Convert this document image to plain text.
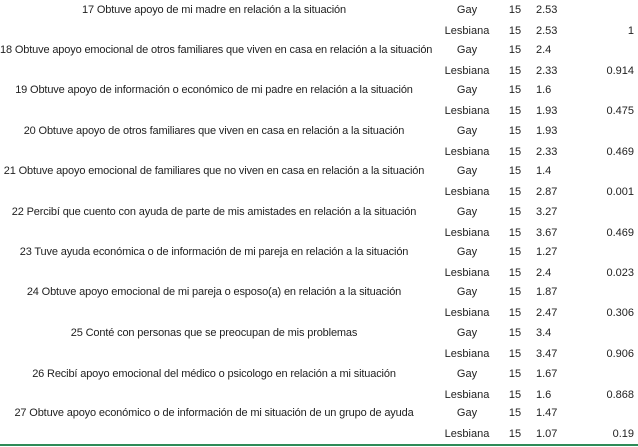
17 Obtuve apoyo de mi madre en relación a la situación	Gay	15	2.53
Lesbiana	15	2.53	1
18 Obtuve apoyo emocional de otros familiares que viven en casa en relación a la situación	Gay	15	2.4
Lesbiana	15	2.33	0.914
19 Obtuve apoyo de información o económico de mi padre en relación a la situación	Gay	15	1.6
Lesbiana	15	1.93	0.475
20 Obtuve apoyo de otros familiares que viven en casa en relación a la situación	Gay	15	1.93
Lesbiana	15	2.33	0.469
21 Obtuve apoyo emocional de familiares que no viven en casa en relación a la situación	Gay	15	1.4
Lesbiana	15	2.87	0.001
22 Percibí que cuento con ayuda de parte de mis amistades en relación a la situación	Gay	15	3.27
Lesbiana	15	3.67	0.469
23 Tuve ayuda económica o de información de mi pareja en relación a la situación	Gay	15	1.27
Lesbiana	15	2.4	0.023
24 Obtuve apoyo emocional de mi pareja o esposo(a) en relación a la situación	Gay	15	1.87
Lesbiana	15	2.47	0.306
25 Conté con personas que se preocupan de mis problemas	Gay	15	3.4
Lesbiana	15	3.47	0.906
26 Recibí apoyo emocional del médico o psicologo en relación a mi situación	Gay	15	1.67
Lesbiana	15	1.6	0.868
27 Obtuve apoyo económico o de información de mi situación de un grupo de ayuda	Gay	15	1.47
Lesbiana	15	1.07	0.19
